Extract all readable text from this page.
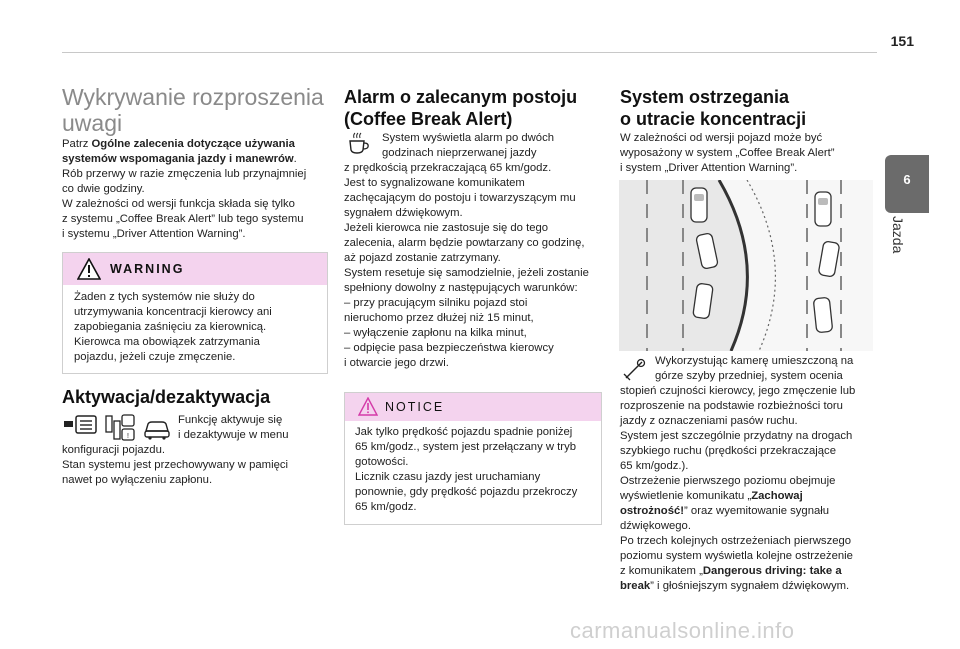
151
6
Jazda
Wykrywanie rozproszenia
uwagi

Patrz Ogólne zalecenia dotyczące używania

systemów wspomagania jazdy i manewrów.

Rób przerwy w razie zmęczenia lub przynajmniej

co dwie godziny.

W zależności od wersji funkcja składa się tylko

z systemu „Coffee Break Alert” lub tego systemu

i systemu „Driver Attention Warning”.

WARNING

Żaden z tych systemów nie służy do

utrzymywania koncentracji kierowcy ani

zapobiegania zaśnięciu za kierownicą.

Kierowca ma obowiązek zatrzymania

pojazdu, jeżeli czuje zmęczenie.

Aktywacja/dezaktywacja
!

Funkcję aktywuje się

i dezaktywuje w menu

konfiguracji pojazdu.

Stan systemu jest przechowywany w pamięci

nawet po wyłączeniu zapłonu.

Alarm o zalecanym postoju
(Coffee Break Alert)

System wyświetla alarm po dwóch

godzinach nieprzerwanej jazdy

z prędkością przekraczającą 65 km/godz.

Jest to sygnalizowane komunikatem

zachęcającym do postoju i towarzyszącym mu

sygnałem dźwiękowym.

Jeżeli kierowca nie zastosuje się do tego

zalecenia, alarm będzie powtarzany co godzinę,

aż pojazd zostanie zatrzymany.

System resetuje się samodzielnie, jeżeli zostanie

spełniony dowolny z następujących warunków:

– przy pracującym silniku pojazd stoi

nieruchomo przez dłużej niż 15 minut,

– wyłączenie zapłonu na kilka minut,

– odpięcie pasa bezpieczeństwa kierowcy

i otwarcie jego drzwi.

NOTICE

Jak tylko prędkość pojazdu spadnie poniżej

65 km/godz., system jest przełączany w tryb

gotowości.

Licznik czasu jazdy jest uruchamiany

ponownie, gdy prędkość pojazdu przekroczy

65 km/godz.

System ostrzegania
o utracie koncentracji

W zależności od wersji pojazd może być

wyposażony w system „Coffee Break Alert”

i system „Driver Attention Warning”.

Wykorzystując kamerę umieszczoną na

górze szyby przedniej, system ocenia

stopień czujności kierowcy, jego zmęczenie lub

rozproszenie na podstawie rozbieżności toru

jazdy z oznaczeniami pasów ruchu.

System jest szczególnie przydatny na drogach

szybkiego ruchu (prędkości przekraczające

65 km/godz.).

Ostrzeżenie pierwszego poziomu obejmuje

wyświetlenie komunikatu „Zachowaj

ostrożność!” oraz wyemitowanie sygnału

dźwiękowego.

Po trzech kolejnych ostrzeżeniach pierwszego

poziomu system wyświetla kolejne ostrzeżenie

z komunikatem „Dangerous driving: take a

break” i głośniejszym sygnałem dźwiękowym.

carmanualsonline.info
